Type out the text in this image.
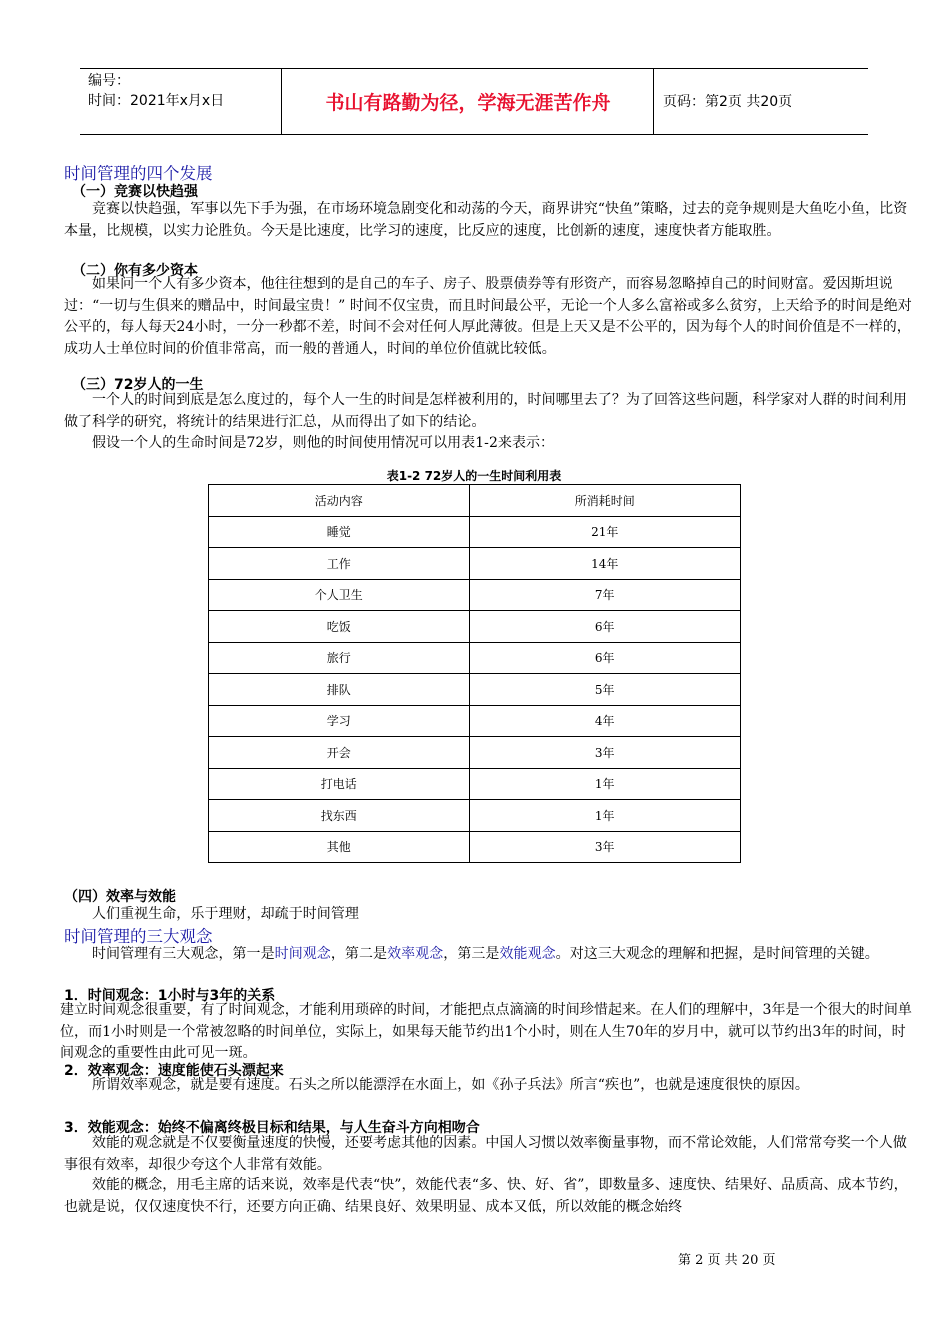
编号：
时间：2021年x月x日	书山有路勤为径，学海无涯苦作舟	页码：第2页 共20页
时间管理的四个发展
（一）竞赛以快趋强
竞赛以快趋强，军事以先下手为强，在市场环境急剧变化和动荡的今天，商界讲究“快鱼”策略，过去的竞争规则是大鱼吃小鱼，比资本量，比规模，以实力论胜负。今天是比速度，比学习的速度，比反应的速度，比创新的速度，速度快者方能取胜。
（二）你有多少资本
如果问一个人有多少资本，他往往想到的是自己的车子、房子、股票债券等有形资产，而容易忽略掉自己的时间财富。爱因斯坦说过：“一切与生俱来的赠品中，时间最宝贵！” 时间不仅宝贵，而且时间最公平，无论一个人多么富裕或多么贫穷，上天给予的时间是绝对公平的，每人每天24小时，一分一秒都不差，时间不会对任何人厚此薄彼。但是上天又是不公平的，因为每个人的时间价值是不一样的，成功人士单位时间的价值非常高，而一般的普通人，时间的单位价值就比较低。
（三）72岁人的一生
一个人的时间到底是怎么度过的，每个人一生的时间是怎样被利用的，时间哪里去了？为了回答这些问题，科学家对人群的时间利用做了科学的研究，将统计的结果进行汇总，从而得出了如下的结论。
假设一个人的生命时间是72岁，则他的时间使用情况可以用表1-2来表示：
表1-2 72岁人的一生时间利用表
活动内容	所消耗时间
睡觉	21年
工作	14年
个人卫生	7年
吃饭	6年
旅行	6年
排队	5年
学习	4年
开会	3年
打电话	1年
找东西	1年
其他	3年
（四）效率与效能
人们重视生命，乐于理财，却疏于时间管理
时间管理的三大观念
时间管理有三大观念，第一是时间观念，第二是效率观念，第三是效能观念。对这三大观念的理解和把握，是时间管理的关键。
1．时间观念：1小时与3年的关系
建立时间观念很重要，有了时间观念，才能利用琐碎的时间，才能把点点滴滴的时间珍惜起来。在人们的理解中，3年是一个很大的时间单位，而1小时则是一个常被忽略的时间单位，实际上，如果每天能节约出1个小时，则在人生70年的岁月中，就可以节约出3年的时间，时间观念的重要性由此可见一斑。
2．效率观念：速度能使石头漂起来
所谓效率观念，就是要有速度。石头之所以能漂浮在水面上，如《孙子兵法》所言“疾也”，也就是速度很快的原因。
3．效能观念：始终不偏离终极目标和结果，与人生奋斗方向相吻合
效能的观念就是不仅要衡量速度的快慢，还要考虑其他的因素。中国人习惯以效率衡量事物，而不常论效能，人们常常夸奖一个人做事很有效率，却很少夸这个人非常有效能。
效能的概念，用毛主席的话来说，效率是代表“快”，效能代表“多、快、好、省”，即数量多、速度快、结果好、品质高、成本节约，也就是说，仅仅速度快不行，还要方向正确、结果良好、效果明显、成本又低，所以效能的概念始终
第 2 页 共 20 页
